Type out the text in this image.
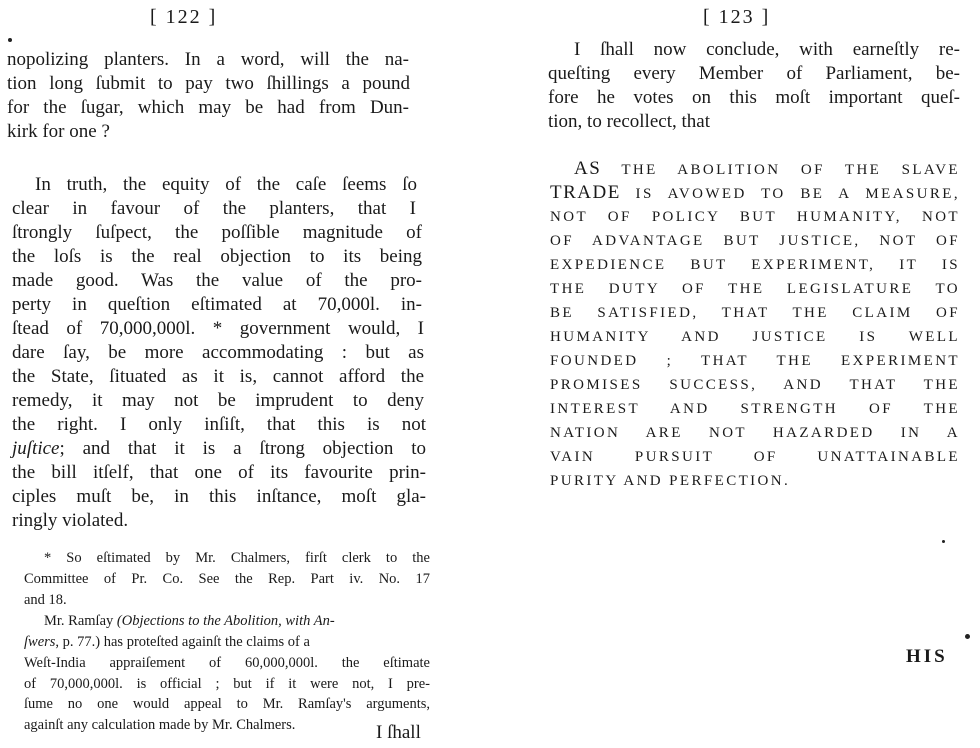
[ 122 ]
nopolizing planters. In a word, will the na-
tion long ſubmit to pay two ſhillings a pound
for the ſugar, which may be had from Dun-
kirk for one ?
In truth, the equity of the caſe ſeems ſo
clear in favour of the planters, that I
ſtrongly ſuſpect, the poſſible magnitude of
the loſs is the real objection to its being
made good. Was the value of the pro-
perty in queſtion eſtimated at 70,000l. in-
ſtead of 70,000,000l. * government would, I
dare ſay, be more accommodating : but as
the State, ſituated as it is, cannot afford the
remedy, it may not be imprudent to deny
the right. I only inſiſt, that this is not
juſtice ; and that it is a ſtrong objection to
the bill itſelf, that one of its favourite prin-
ciples muſt be, in this inſtance, moſt gla-
ringly violated.
* So eſtimated by Mr. Chalmers, firſt clerk to the
Committee of Pr. Co. See the Rep. Part iv. No. 17
and 18.
Mr. Ramſay (Objections to the Abolition, with An-
ſwers, p. 77.) has proteſted againſt the claims of a
Weſt-India appraiſement of 60,000,000l. the eſtimate
of 70,000,000l. is official ; but if it were not, I pre-
ſume no one would appeal to Mr. Ramſay's arguments,
againſt any calculation made by Mr. Chalmers.	I ſhall
[ 123 ]
I ſhall now conclude, with earneſtly re-
queſting every Member of Parliament, be-
fore he votes on this moſt important queſ-
tion, to recollect, that
AS THE ABOLITION OF THE SLAVE
TRADE IS AVOWED TO BE A MEASURE,
NOT OF POLICY BUT HUMANITY, NOT
OF ADVANTAGE BUT JUSTICE, NOT OF
EXPEDIENCE BUT EXPERIMENT, IT IS
THE DUTY OF THE LEGISLATURE TO
BE SATISFIED, THAT THE CLAIM OF
HUMANITY AND JUSTICE IS WELL
FOUNDED ; THAT THE EXPERIMENT
PROMISES SUCCESS, AND THAT THE
INTEREST AND STRENGTH OF THE
NATION ARE NOT HAZARDED IN A
VAIN PURSUIT OF UNATTAINABLE
PURITY AND PERFECTION.
HIS
